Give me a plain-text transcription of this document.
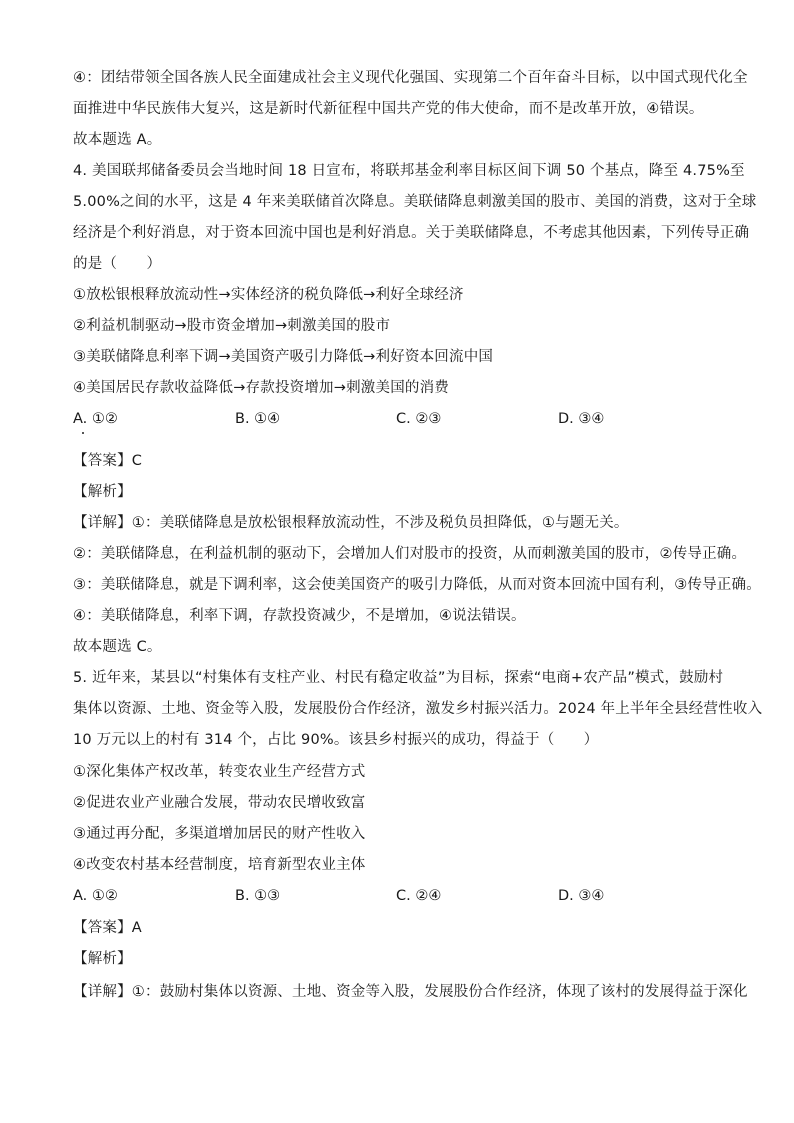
④：团结带领全国各族人民全面建成社会主义现代化强国、实现第二个百年奋斗目标，以中国式现代化全
面推进中华民族伟大复兴，这是新时代新征程中国共产党的伟大使命，而不是改革开放，④错误。
故本题选 A。
4. 美国联邦储备委员会当地时间 18 日宣布，将联邦基金利率目标区间下调 50 个基点，降至 4.75%至
5.00%之间的水平，这是 4 年来美联储首次降息。美联储降息刺激美国的股市、美国的消费，这对于全球
经济是个利好消息，对于资本回流中国也是利好消息。关于美联储降息，不考虑其他因素，下列传导正确
的是（　　）
①放松银根释放流动性→实体经济的税负降低→利好全球经济
②利益机制驱动→股市资金增加→刺激美国的股市
③美联储降息利率下调→美国资产吸引力降低→利好资本回流中国
④美国居民存款收益降低→存款投资增加→刺激美国的消费
A. ①②	B. ①④	C. ②③	D. ③④
【答案】C
【解析】
【详解】①：美联储降息是放松银根释放流动性，不涉及税负员担降低，①与题无关。
②：美联储降息，在利益机制的驱动下，会增加人们对股市的投资，从而刺激美国的股市，②传导正确。
③：美联储降息，就是下调利率，这会使美国资产的吸引力降低，从而对资本回流中国有利，③传导正确。
④：美联储降息，利率下调，存款投资减少，不是增加，④说法错误。
故本题选 C。
5. 近年来，某县以“村集体有支柱产业、村民有稳定收益”为目标，探索“电商+农产品”模式，鼓励村
集体以资源、土地、资金等入股，发展股份合作经济，激发乡村振兴活力。2024 年上半年全县经营性收入
10 万元以上的村有 314 个，占比 90%。该县乡村振兴的成功，得益于（　　）
①深化集体产权改革，转变农业生产经营方式
②促进农业产业融合发展，带动农民增收致富
③通过再分配，多渠道增加居民的财产性收入
④改变农村基本经营制度，培育新型农业主体
A. ①②	B. ①③	C. ②④	D. ③④
【答案】A
【解析】
【详解】①：鼓励村集体以资源、土地、资金等入股，发展股份合作经济，体现了该村的发展得益于深化
